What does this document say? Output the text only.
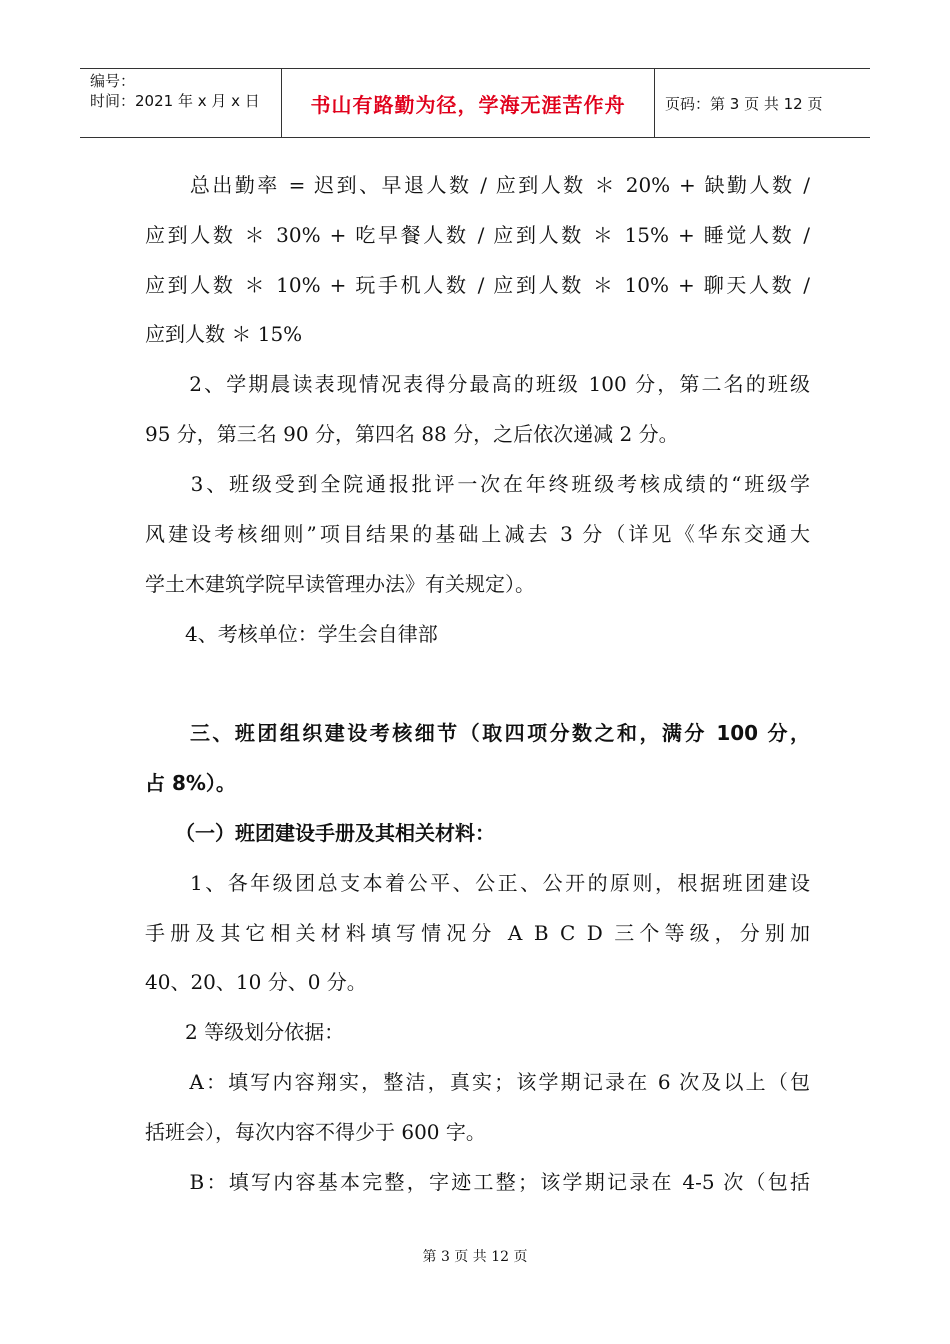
编号：
时间：2021 年 x 月 x 日	书山有路勤为径，学海无涯苦作舟	页码：第 3 页 共 12 页
　　总出勤率 = 迟到、早退人数 / 应到人数 ＊ 20% + 缺勤人数 /
应到人数 ＊ 30% + 吃早餐人数 / 应到人数 ＊ 15% + 睡觉人数 /
应到人数 ＊ 10% + 玩手机人数 / 应到人数 ＊ 10% + 聊天人数 /
应到人数 ＊ 15%
　　2、学期晨读表现情况表得分最高的班级 100 分，第二名的班级
95 分，第三名 90 分，第四名 88 分，之后依次递减 2 分。
　　3、班级受到全院通报批评一次在年终班级考核成绩的“班级学
风建设考核细则”项目结果的基础上减去 3 分（详见《华东交通大
学土木建筑学院早读管理办法》有关规定）。
　　4、考核单位：学生会自律部
　　三、班团组织建设考核细节（取四项分数之和，满分 100 分，
占 8%）。
　　（一）班团建设手册及其相关材料：
　　1、各年级团总支本着公平、公正、公开的原则，根据班团建设
手册及其它相关材料填写情况分 A B C D 三个等级，分别加
40、20、10 分、0 分。
　　2 等级划分依据：
　　A：填写内容翔实，整洁，真实；该学期记录在 6 次及以上（包
括班会），每次内容不得少于 600 字。
　　B：填写内容基本完整，字迹工整；该学期记录在 4-5 次（包括
第 3 页 共 12 页
